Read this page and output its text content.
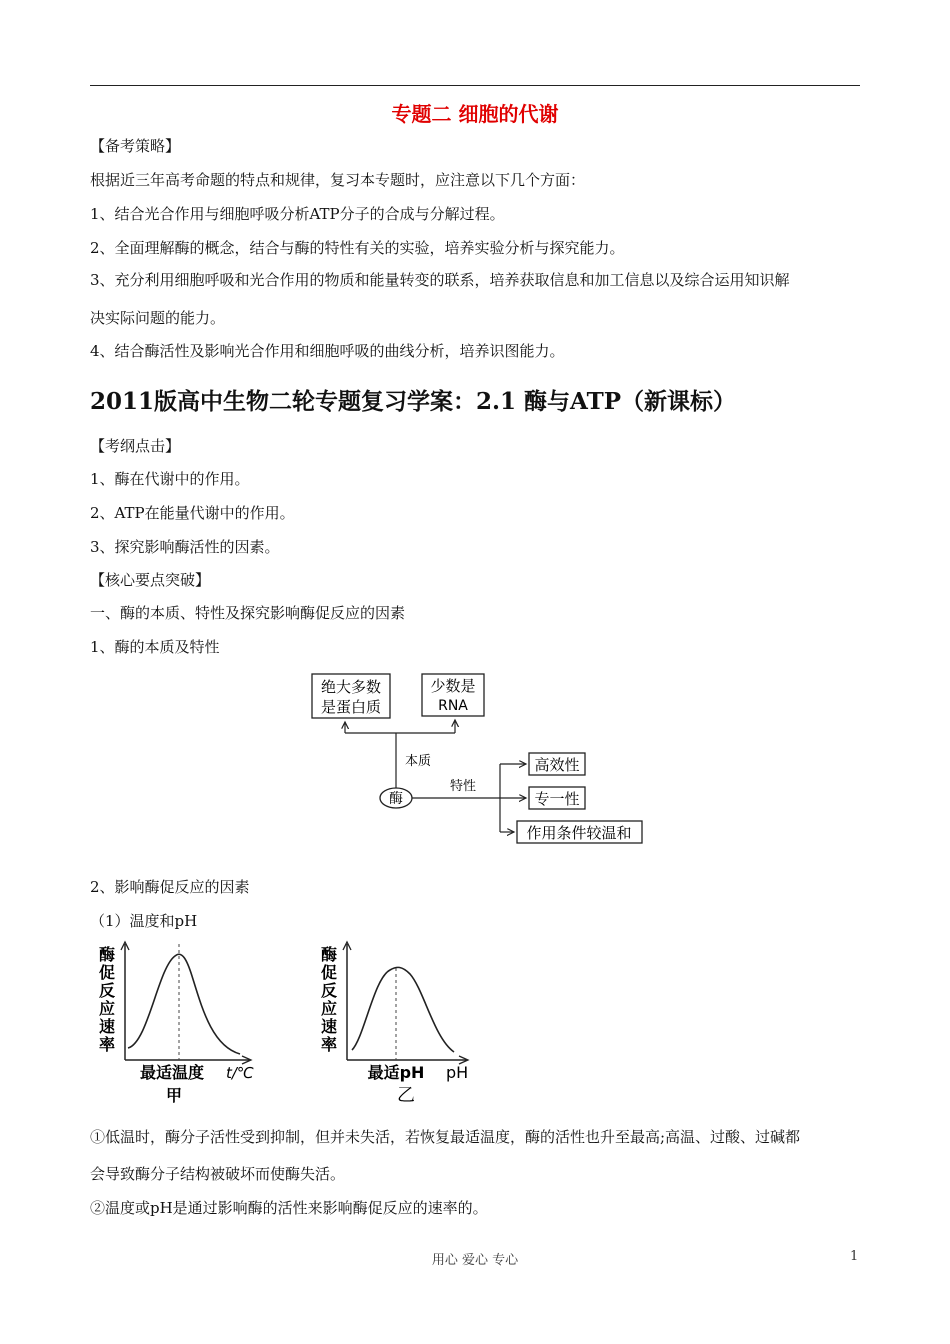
专题二 细胞的代谢
【备考策略】
根据近三年高考命题的特点和规律，复习本专题时，应注意以下几个方面：
1、结合光合作用与细胞呼吸分析ATP分子的合成与分解过程。
2、全面理解酶的概念，结合与酶的特性有关的实验，培养实验分析与探究能力。
3、充分利用细胞呼吸和光合作用的物质和能量转变的联系，培养获取信息和加工信息以及综合运用知识解
决实际问题的能力。
4、结合酶活性及影响光合作用和细胞呼吸的曲线分析，培养识图能力。
2011版高中生物二轮专题复习学案：2.1 酶与ATP（新课标）
【考纲点击】
1、酶在代谢中的作用。
2、ATP在能量代谢中的作用。
3、探究影响酶活性的因素。
【核心要点突破】
一、酶的本质、特性及探究影响酶促反应的因素
1、酶的本质及特性
绝大多数
是蛋白质
少数是
RNA
本质
特性
酶
高效性
专一性
作用条件较温和
2、影响酶促反应的因素
（1）温度和pH
酶
促
反
应
速
率
最适温度 t/℃
甲
酶
促
反
应
速
率
最适pH pH
乙
①低温时，酶分子活性受到抑制，但并未失活，若恢复最适温度，酶的活性也升至最高;高温、过酸、过碱都
会导致酶分子结构被破坏而使酶失活。
②温度或pH是通过影响酶的活性来影响酶促反应的速率的。
用心 爱心 专心	1
